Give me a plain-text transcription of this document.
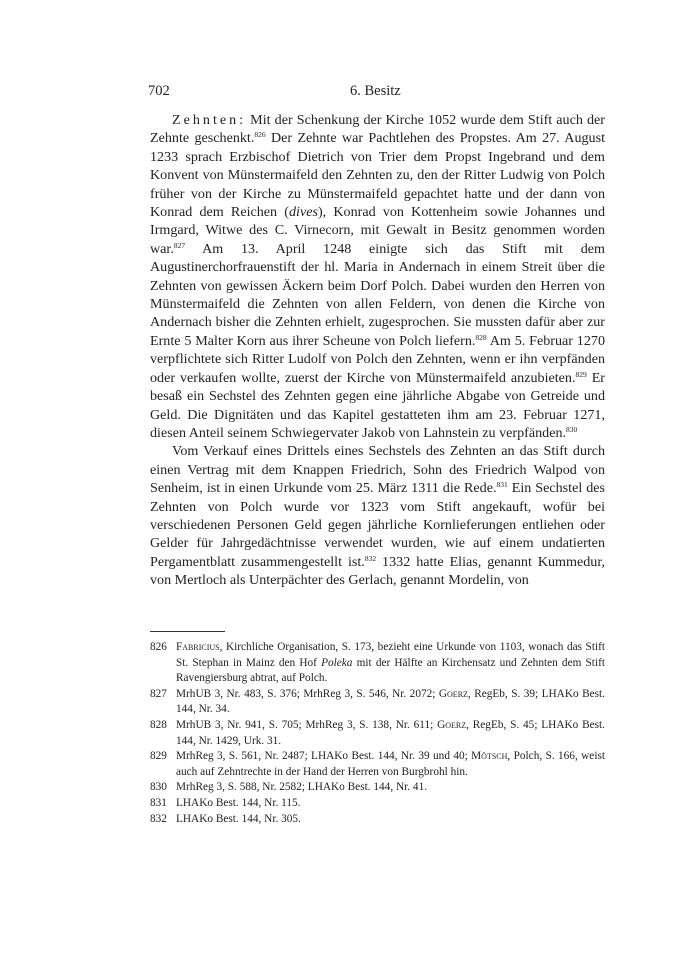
702	6. Besitz

Zehnten: Mit der Schenkung der Kirche 1052 wurde dem Stift auch der Zehnte geschenkt.$^{826}$ Der Zehnte war Pachtlehen des Propstes. Am 27. August 1233 sprach Erzbischof Dietrich von Trier dem Propst Ingebrand und dem Konvent von Münstermaifeld den Zehnten zu, den der Ritter Ludwig von Polch früher von der Kirche zu Münstermaifeld gepachtet hatte und der dann von Konrad dem Reichen (dives), Konrad von Kottenheim sowie Johannes und Irmgard, Witwe des C. Virnecorn, mit Gewalt in Besitz genommen worden war.$^{827}$ Am 13. April 1248 einigte sich das Stift mit dem Augustinerchorfrauenstift der hl. Maria in Andernach in einem Streit über die Zehnten von gewissen Äckern beim Dorf Polch. Dabei wurden den Herren von Münstermaifeld die Zehnten von allen Feldern, von denen die Kirche von Andernach bisher die Zehnten erhielt, zugesprochen. Sie mussten dafür aber zur Ernte 5 Malter Korn aus ihrer Scheune von Polch liefern.$^{828}$ Am 5. Februar 1270 verpflichtete sich Ritter Ludolf von Polch den Zehnten, wenn er ihn verpfänden oder verkaufen wollte, zuerst der Kirche von Münstermaifeld anzubieten.$^{829}$ Er besaß ein Sechstel des Zehnten gegen eine jährliche Abgabe von Getreide und Geld. Die Dignitäten und das Kapitel gestatteten ihm am 23. Februar 1271, diesen Anteil seinem Schwiegervater Jakob von Lahnstein zu verpfänden.$^{830}$

Vom Verkauf eines Drittels eines Sechstels des Zehnten an das Stift durch einen Vertrag mit dem Knappen Friedrich, Sohn des Friedrich Walpod von Senheim, ist in einen Urkunde vom 25. März 1311 die Rede.$^{831}$ Ein Sechstel des Zehnten von Polch wurde vor 1323 vom Stift angekauft, wofür bei verschiedenen Personen Geld gegen jährliche Kornlieferungen entliehen oder Gelder für Jahrgedächtnisse verwendet wurden, wie auf einem undatierten Pergamentblatt zusammengestellt ist.$^{832}$ 1332 hatte Elias, genannt Kummedur, von Mertloch als Unterpächter des Gerlach, genannt Mordelin, von

826 Fabricius, Kirchliche Organisation, S. 173, bezieht eine Urkunde von 1103, wonach das Stift St. Stephan in Mainz den Hof Poleka mit der Hälfte an Kirchensatz und Zehnten dem Stift Ravengiersburg abtrat, auf Polch.
827 MrhUB 3, Nr. 483, S. 376; MrhReg 3, S. 546, Nr. 2072; Goerz, RegEb, S. 39; LHAKo Best. 144, Nr. 34.
828 MrhUB 3, Nr. 941, S. 705; MrhReg 3, S. 138, Nr. 611; Goerz, RegEb, S. 45; LHAKo Best. 144, Nr. 1429, Urk. 31.
829 MrhReg 3, S. 561, Nr. 2487; LHAKo Best. 144, Nr. 39 und 40; Mötsch, Polch, S. 166, weist auch auf Zehntrechte in der Hand der Herren von Burgbrohl hin.
830 MrhReg 3, S. 588, Nr. 2582; LHAKo Best. 144, Nr. 41.
831 LHAKo Best. 144, Nr. 115.
832 LHAKo Best. 144, Nr. 305.
